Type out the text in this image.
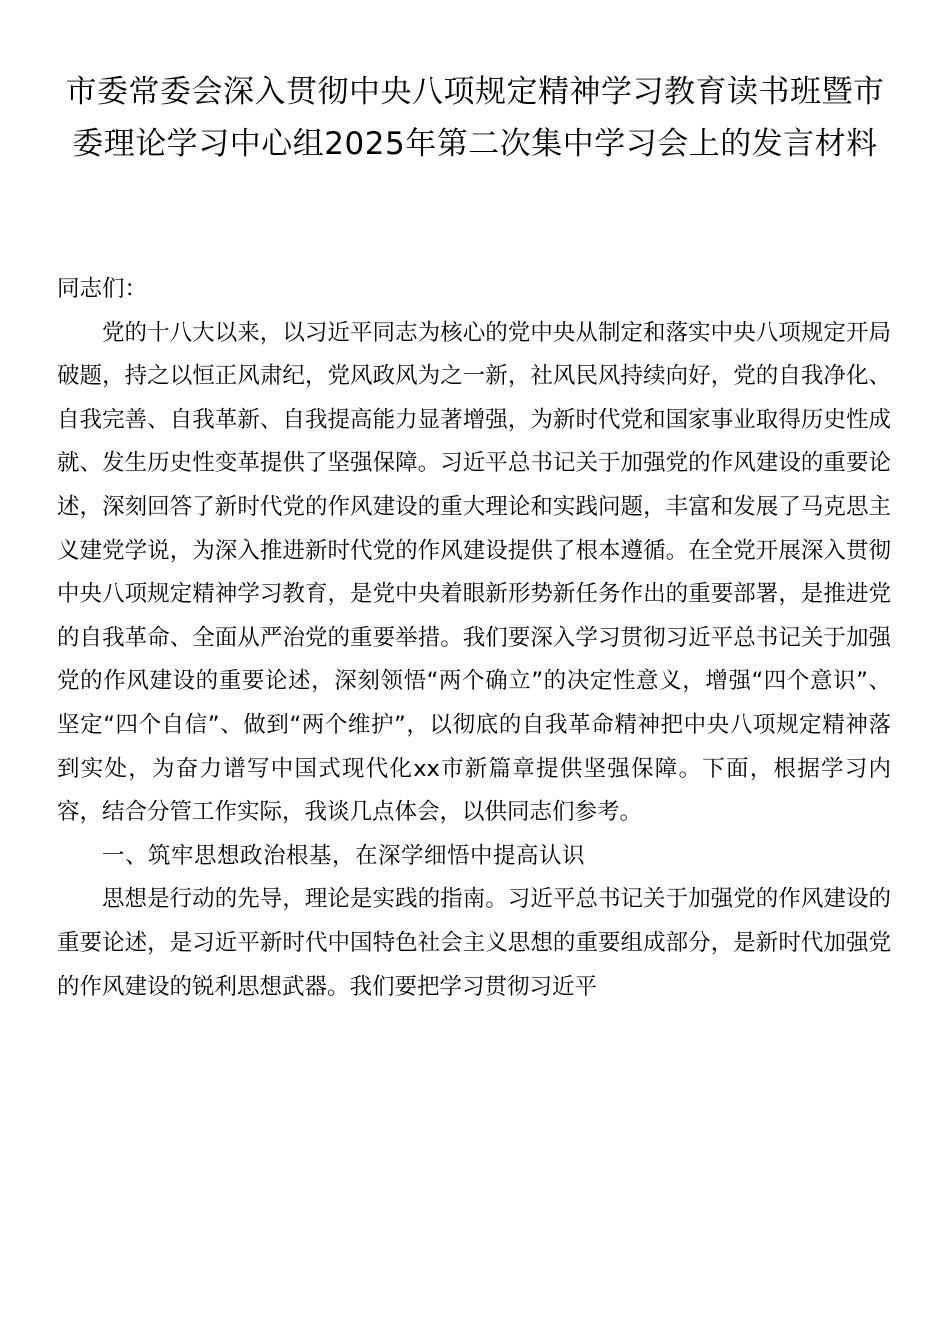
市委常委会深入贯彻中央八项规定精神学习教育读书班暨市委理论学习中心组2025年第二次集中学习会上的发言材料

同志们：

党的十八大以来，以习近平同志为核心的党中央从制定和落实中央八项规定开局破题，持之以恒正风肃纪，党风政风为之一新，社风民风持续向好，党的自我净化、自我完善、自我革新、自我提高能力显著增强，为新时代党和国家事业取得历史性成就、发生历史性变革提供了坚强保障。习近平总书记关于加强党的作风建设的重要论述，深刻回答了新时代党的作风建设的重大理论和实践问题，丰富和发展了马克思主义建党学说，为深入推进新时代党的作风建设提供了根本遵循。在全党开展深入贯彻中央八项规定精神学习教育，是党中央着眼新形势新任务作出的重要部署，是推进党的自我革命、全面从严治党的重要举措。我们要深入学习贯彻习近平总书记关于加强党的作风建设的重要论述，深刻领悟“两个确立”的决定性意义，增强“四个意识”、坚定“四个自信”、做到“两个维护”，以彻底的自我革命精神把中央八项规定精神落到实处，为奋力谱写中国式现代化xx市新篇章提供坚强保障。下面，根据学习内容，结合分管工作实际，我谈几点体会，以供同志们参考。

一、筑牢思想政治根基，在深学细悟中提高认识

思想是行动的先导，理论是实践的指南。习近平总书记关于加强党的作风建设的重要论述，是习近平新时代中国特色社会主义思想的重要组成部分，是新时代加强党的作风建设的锐利思想武器。我们要把学习贯彻习近平
